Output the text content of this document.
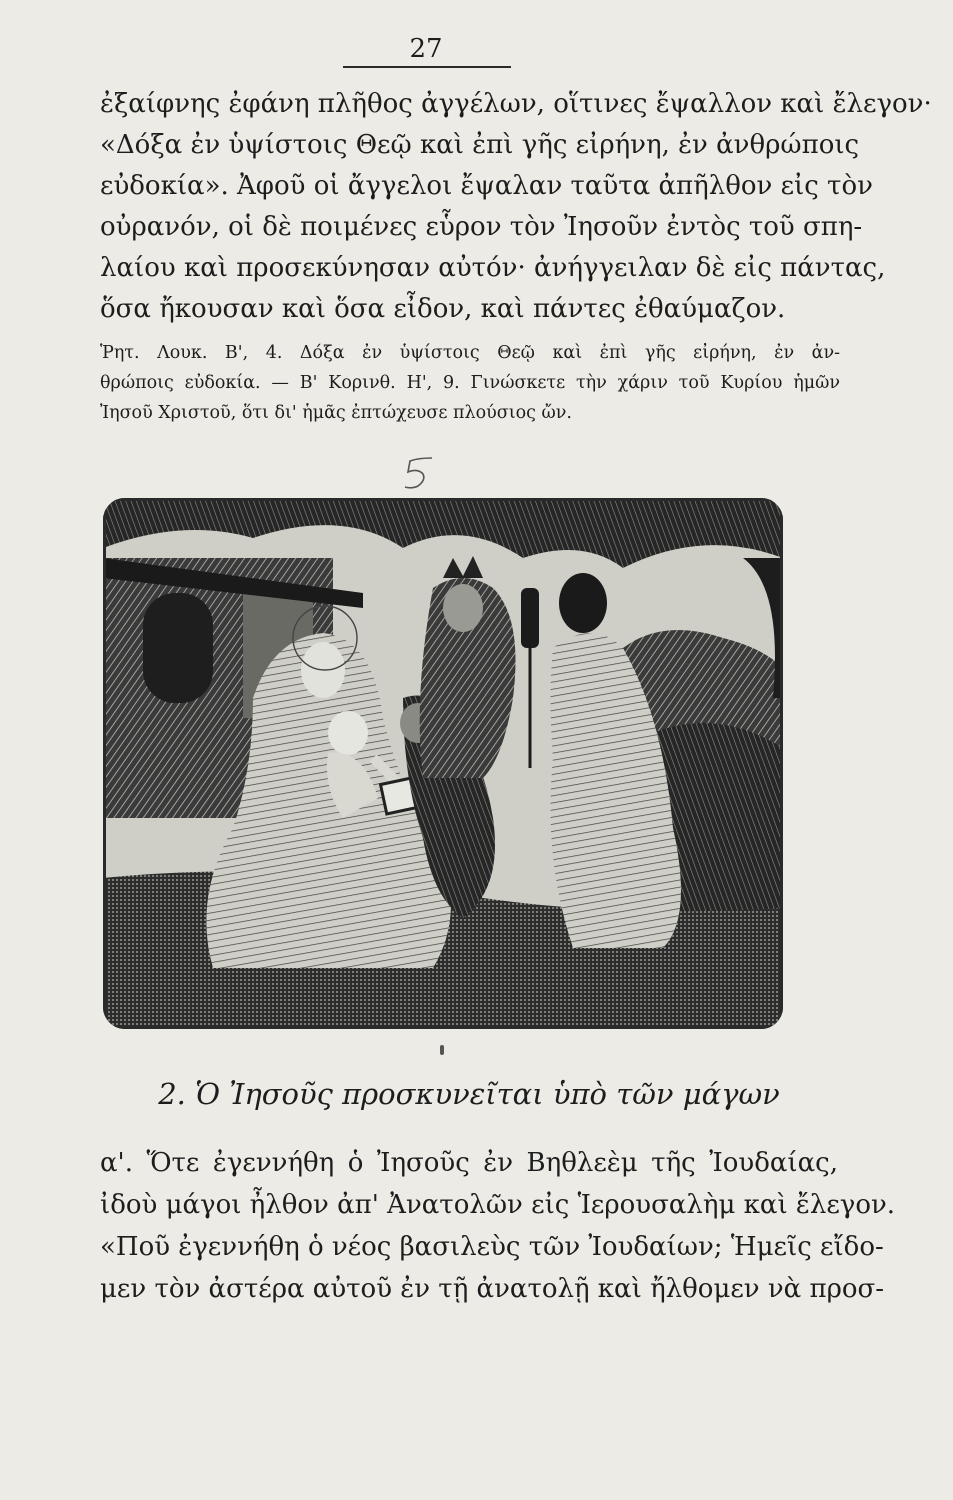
27
ἐξαίφνης ἐφάνη πλῆθος ἀγγέλων, οἵτινες ἔψαλλον καὶ ἔλεγον·
«Δόξα ἐν ὑψίστοις Θεῷ καὶ ἐπὶ γῆς εἰρήνη, ἐν ἀνθρώποις
εὐδοκία». Ἀφοῦ οἱ ἄγγελοι ἔψαλαν ταῦτα ἀπῆλθον εἰς τὸν
οὐρανόν, οἱ δὲ ποιμένες εὗρον τὸν Ἰησοῦν ἐντὸς τοῦ σπη-
λαίου καὶ προσεκύνησαν αὐτόν· ἀνήγγειλαν δὲ εἰς πάντας,
ὅσα ἤκουσαν καὶ ὅσα εἶδον, καὶ πάντες ἐθαύμαζον.
Ῥητ. Λουκ. Β', 4. Δόξα ἐν ὑψίστοις Θεῷ καὶ ἐπὶ γῆς εἰρήνη, ἐν ἀν-
θρώποις εὐδοκία. — Β' Κορινθ. Η', 9. Γινώσκετε τὴν χάριν τοῦ Κυρίου ἡμῶν
Ἰησοῦ Χριστοῦ, ὅτι δι' ἡμᾶς ἐπτώχευσε πλούσιος ὤν.
2. Ὁ Ἰησοῦς προσκυνεῖται ὑπὸ τῶν μάγων
α'. Ὅτε ἐγεννήθη ὁ Ἰησοῦς ἐν Βηθλεὲμ τῆς Ἰουδαίας,
ἰδοὺ μάγοι ἦλθον ἀπ' Ἀνατολῶν εἰς Ἱερουσαλὴμ καὶ ἔλεγον.
«Ποῦ ἐγεννήθη ὁ νέος βασιλεὺς τῶν Ἰουδαίων; Ἡμεῖς εἴδο-
μεν τὸν ἀστέρα αὐτοῦ ἐν τῇ ἀνατολῇ καὶ ἤλθομεν νὰ προσ-
